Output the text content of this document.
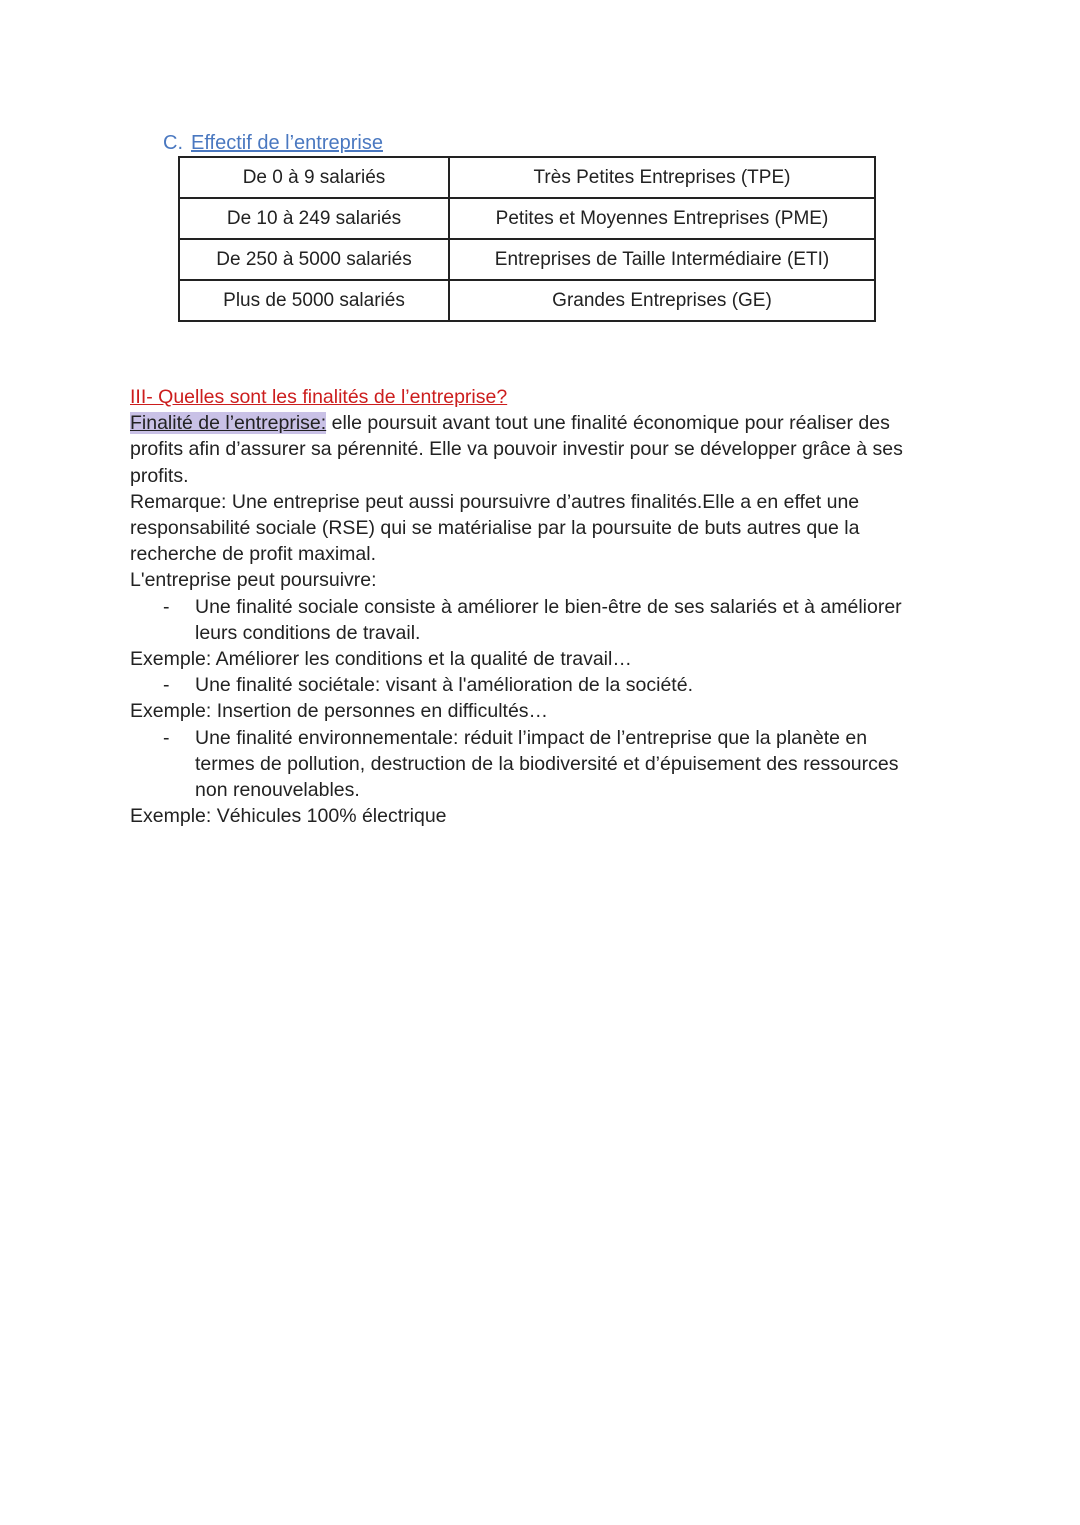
C. Effectif de l’entreprise
De 0 à 9 salariés	Très Petites Entreprises (TPE)
De 10 à 249 salariés	Petites et Moyennes Entreprises (PME)
De 250 à 5000 salariés	Entreprises de Taille Intermédiaire (ETI)
Plus de 5000 salariés	Grandes Entreprises (GE)

III- Quelles sont les finalités de l’entreprise?

Finalité de l’entreprise: elle poursuit avant tout une finalité économique pour réaliser des profits afin d’assurer sa pérennité. Elle va pouvoir investir pour se développer grâce à ses profits.

Remarque: Une entreprise peut aussi poursuivre d’autres finalités.Elle a en effet une responsabilité sociale (RSE) qui se matérialise par la poursuite de buts autres que la recherche de profit maximal.

L'entreprise peut poursuivre:

- Une finalité sociale consiste à améliorer le bien-être de ses salariés et à améliorer leurs conditions de travail.

Exemple: Améliorer les conditions et la qualité de travail…

- Une finalité sociétale: visant à l'amélioration de la société.

Exemple: Insertion de personnes en difficultés…

- Une finalité environnementale: réduit l’impact de l’entreprise que la planète en termes de pollution, destruction de la biodiversité et d’épuisement des ressources non renouvelables.

Exemple: Véhicules 100% électrique
